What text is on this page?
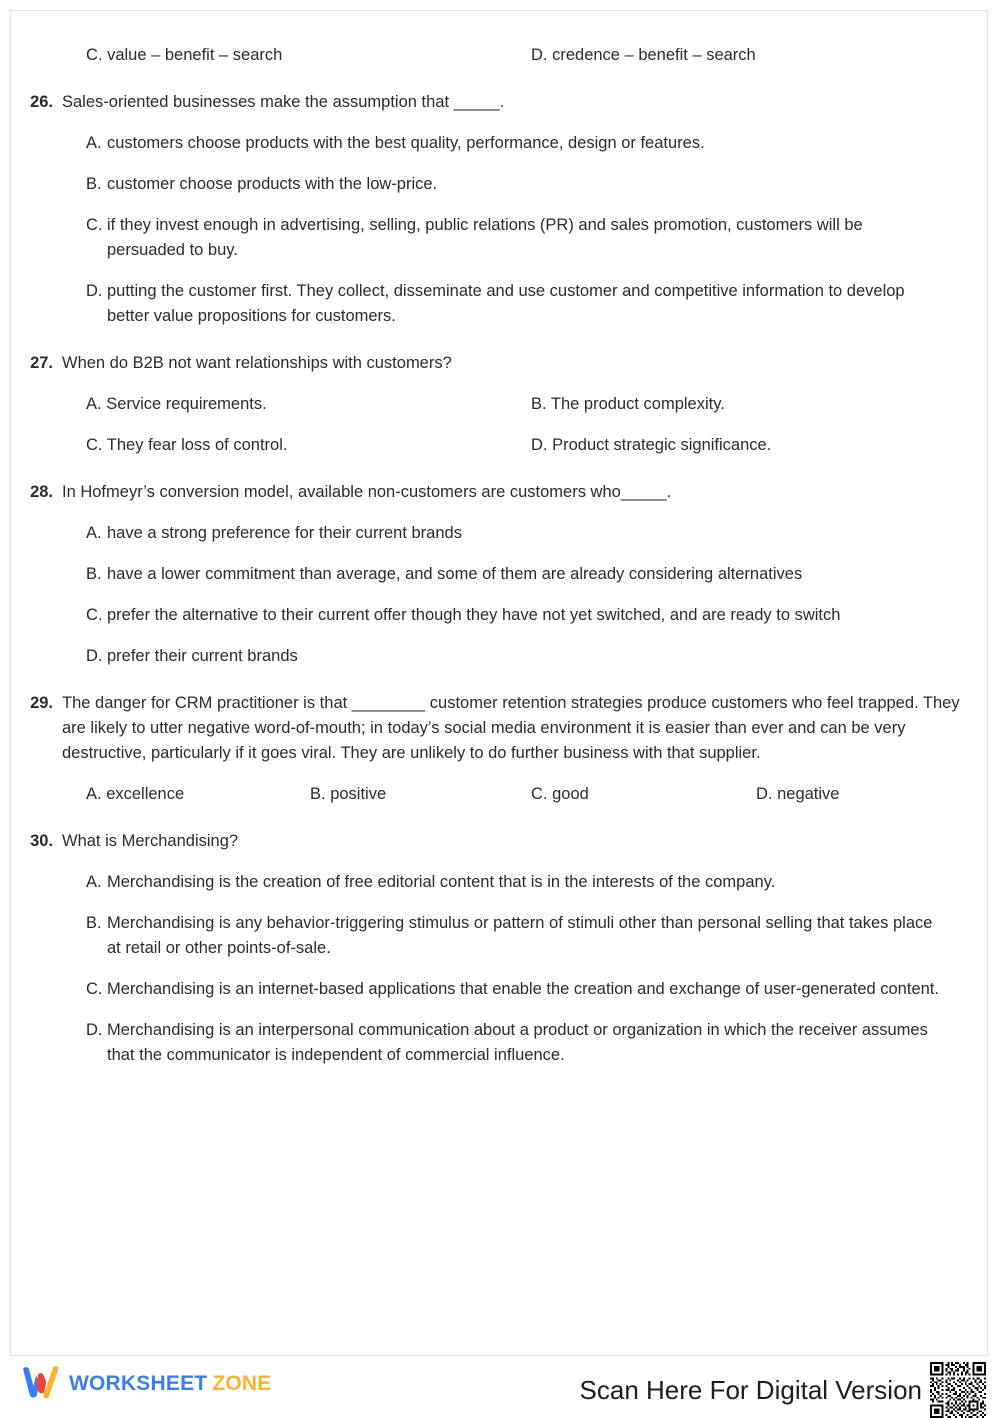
C. value – benefit – search	D. credence – benefit – search
26. Sales-oriented businesses make the assumption that _____.
A. customers choose products with the best quality, performance, design or features.
B. customer choose products with the low-price.
C. if they invest enough in advertising, selling, public relations (PR) and sales promotion, customers will be persuaded to buy.
D. putting the customer first. They collect, disseminate and use customer and competitive information to develop better value propositions for customers.
27. When do B2B not want relationships with customers?
A. Service requirements.	B. The product complexity.
C. They fear loss of control.	D. Product strategic significance.
28. In Hofmeyr’s conversion model, available non-customers are customers who_____.
A. have a strong preference for their current brands
B. have a lower commitment than average, and some of them are already considering alternatives
C. prefer the alternative to their current offer though they have not yet switched, and are ready to switch
D. prefer their current brands
29. The danger for CRM practitioner is that ________ customer retention strategies produce customers who feel trapped. They are likely to utter negative word-of-mouth; in today’s social media environment it is easier than ever and can be very destructive, particularly if it goes viral. They are unlikely to do further business with that supplier.
A. excellence	B. positive	C. good	D. negative
30. What is Merchandising?
A. Merchandising is the creation of free editorial content that is in the interests of the company.
B. Merchandising is any behavior-triggering stimulus or pattern of stimuli other than personal selling that takes place at retail or other points-of-sale.
C. Merchandising is an internet-based applications that enable the creation and exchange of user-generated content.
D. Merchandising is an interpersonal communication about a product or organization in which the receiver assumes that the communicator is independent of commercial influence.
WORKSHEET ZONE	Scan Here For Digital Version
